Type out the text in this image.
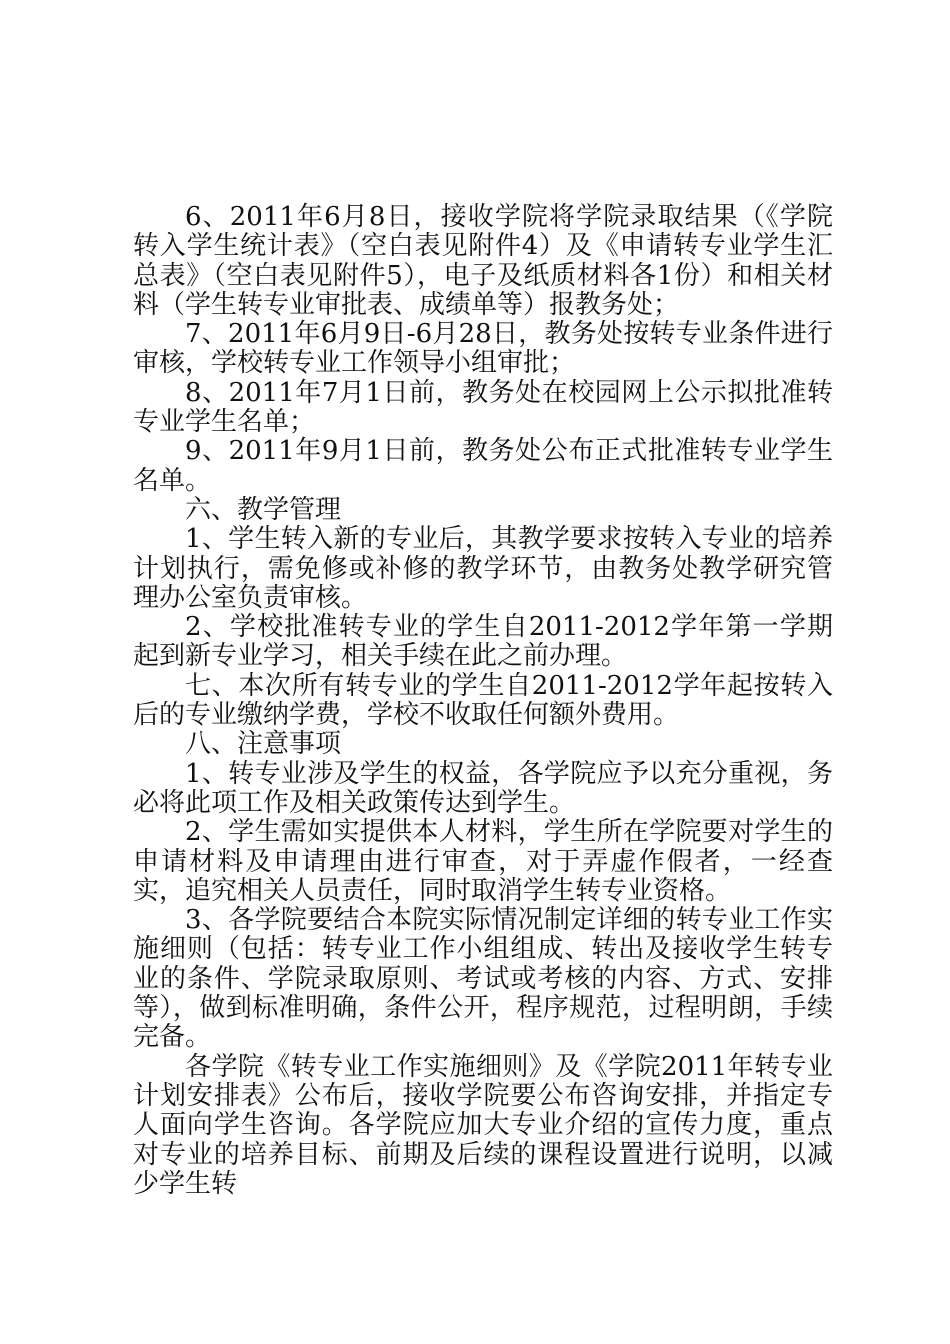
6、2011年6月8日，接收学院将学院录取结果（《学院转入学生统计表》（空白表见附件4）及《申请转专业学生汇总表》（空白表见附件5），电子及纸质材料各1份）和相关材料（学生转专业审批表、成绩单等）报教务处；

7、2011年6月9日-6月28日，教务处按转专业条件进行审核，学校转专业工作领导小组审批；

8、2011年7月1日前，教务处在校园网上公示拟批准转专业学生名单；

9、2011年9月1日前，教务处公布正式批准转专业学生名单。

六、教学管理

1、学生转入新的专业后，其教学要求按转入专业的培养计划执行，需免修或补修的教学环节，由教务处教学研究管理办公室负责审核。

2、学校批准转专业的学生自2011-2012学年第一学期起到新专业学习，相关手续在此之前办理。

七、本次所有转专业的学生自2011-2012学年起按转入后的专业缴纳学费，学校不收取任何额外费用。

八、注意事项

1、转专业涉及学生的权益，各学院应予以充分重视，务必将此项工作及相关政策传达到学生。

2、学生需如实提供本人材料，学生所在学院要对学生的申请材料及申请理由进行审查，对于弄虚作假者，一经查实，追究相关人员责任，同时取消学生转专业资格。

3、各学院要结合本院实际情况制定详细的转专业工作实施细则（包括：转专业工作小组组成、转出及接收学生转专业的条件、学院录取原则、考试或考核的内容、方式、安排等），做到标准明确，条件公开，程序规范，过程明朗，手续完备。

各学院《转专业工作实施细则》及《学院2011年转专业计划安排表》公布后，接收学院要公布咨询安排，并指定专人面向学生咨询。各学院应加大专业介绍的宣传力度，重点对专业的培养目标、前期及后续的课程设置进行说明，以减少学生转
